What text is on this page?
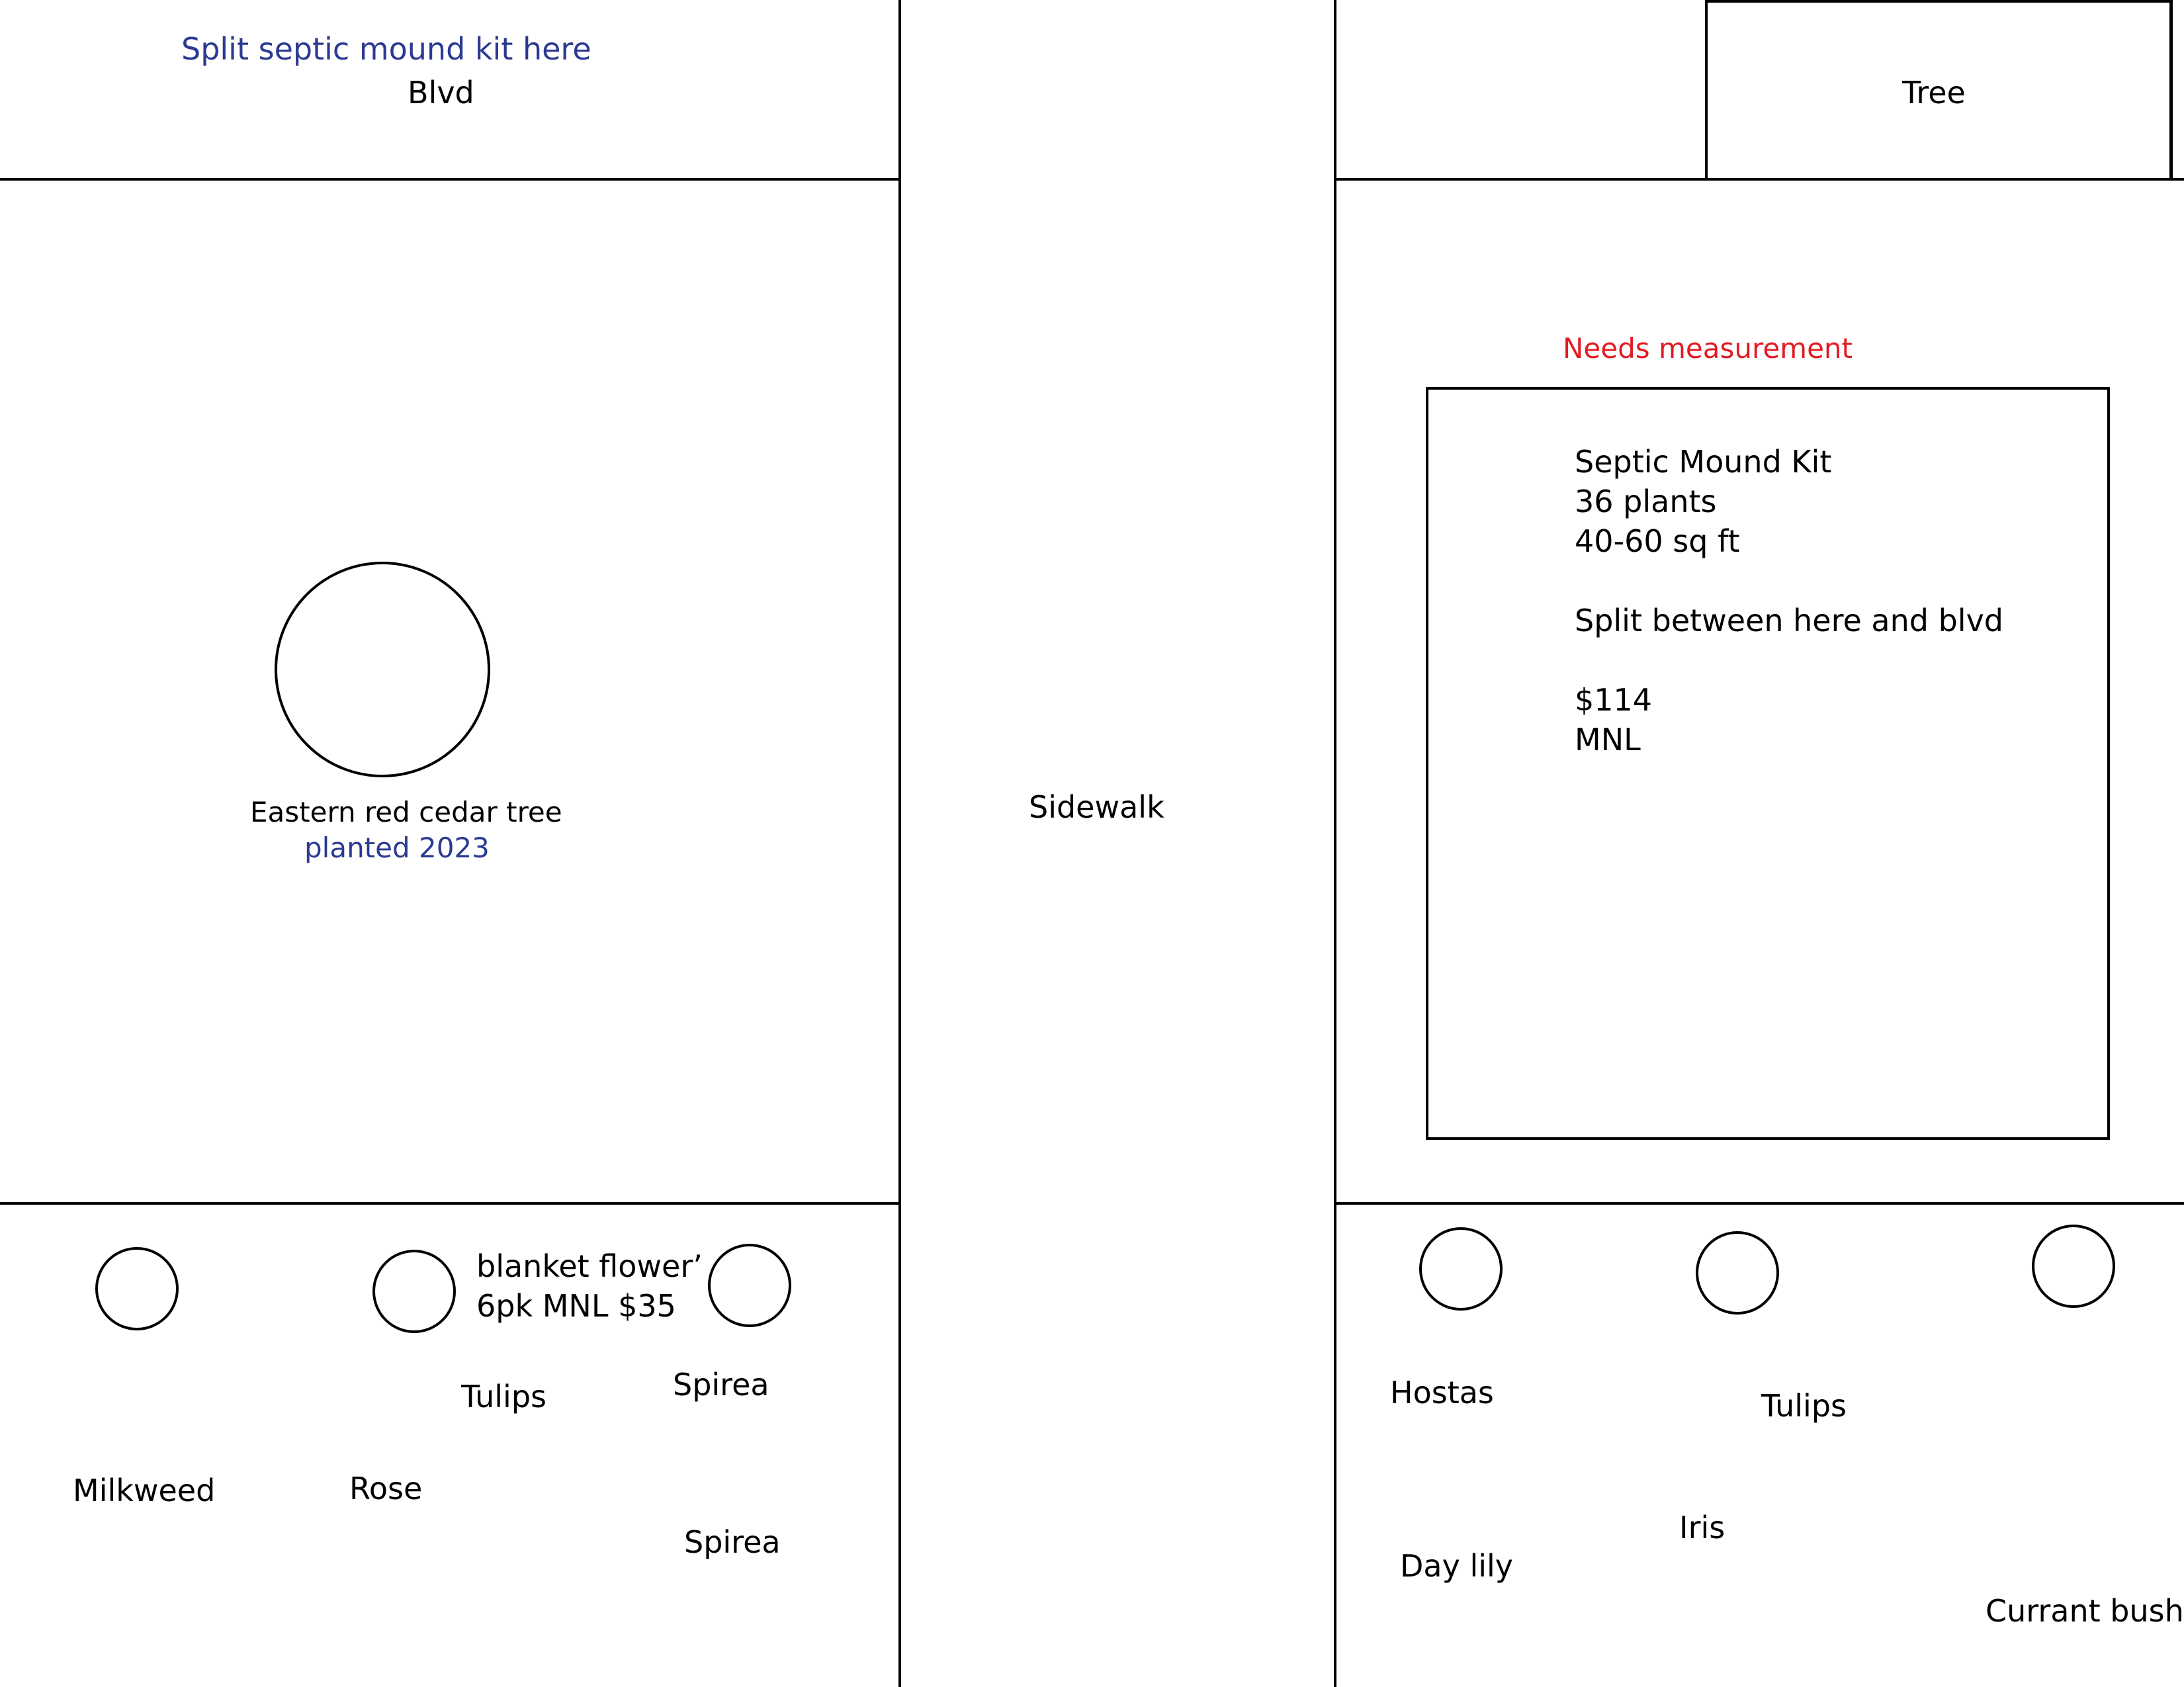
Split septic mound kit here
Blvd	Tree
Eastern red cedar tree
planted 2023
Sidewalk
Needs measurement
Septic Mound Kit
36 plants
40-60 sq ft
Split between here and blvd
$114
MNL
blanket flower’
6pk MNL $35
Tulips	Spirea
Milkweed	Rose
Spirea
Hostas	Tulips
Iris
Day lily
Currant bush
